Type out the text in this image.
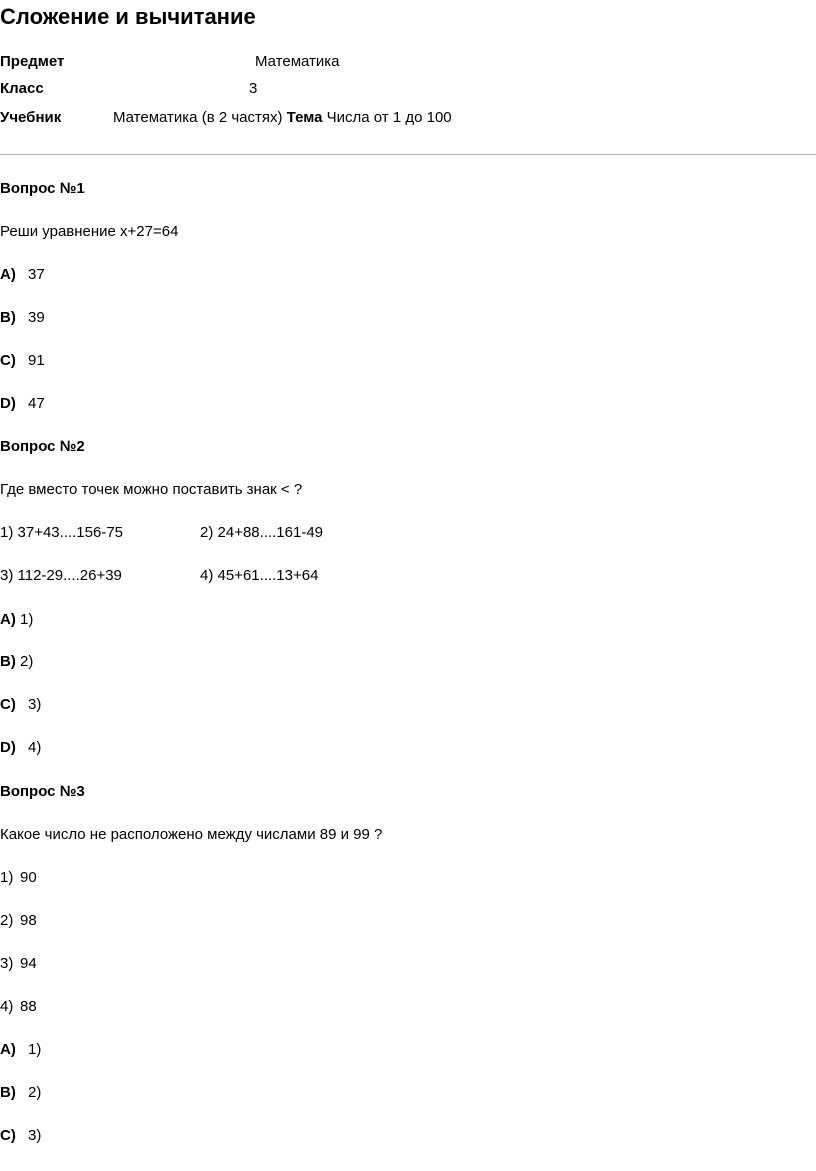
Сложение и вычитание
Предмет	Математика
Класс	3
Учебник	Математика (в 2 частях) Тема Числа от 1 до 100
Вопрос №1
Реши уравнение x+27=64
A) 37
B) 39
C) 91
D) 47
Вопрос №2
Где вместо точек можно поставить знак < ?
1) 37+43....156-75	2) 24+88....161-49
3) 112-29....26+39	4) 45+61....13+64
A) 1)
B) 2)
C) 3)
D) 4)
Вопрос №3
Какое число не расположено между числами 89 и 99 ?
1) 90
2) 98
3) 94
4) 88
A) 1)
B) 2)
C) 3)
